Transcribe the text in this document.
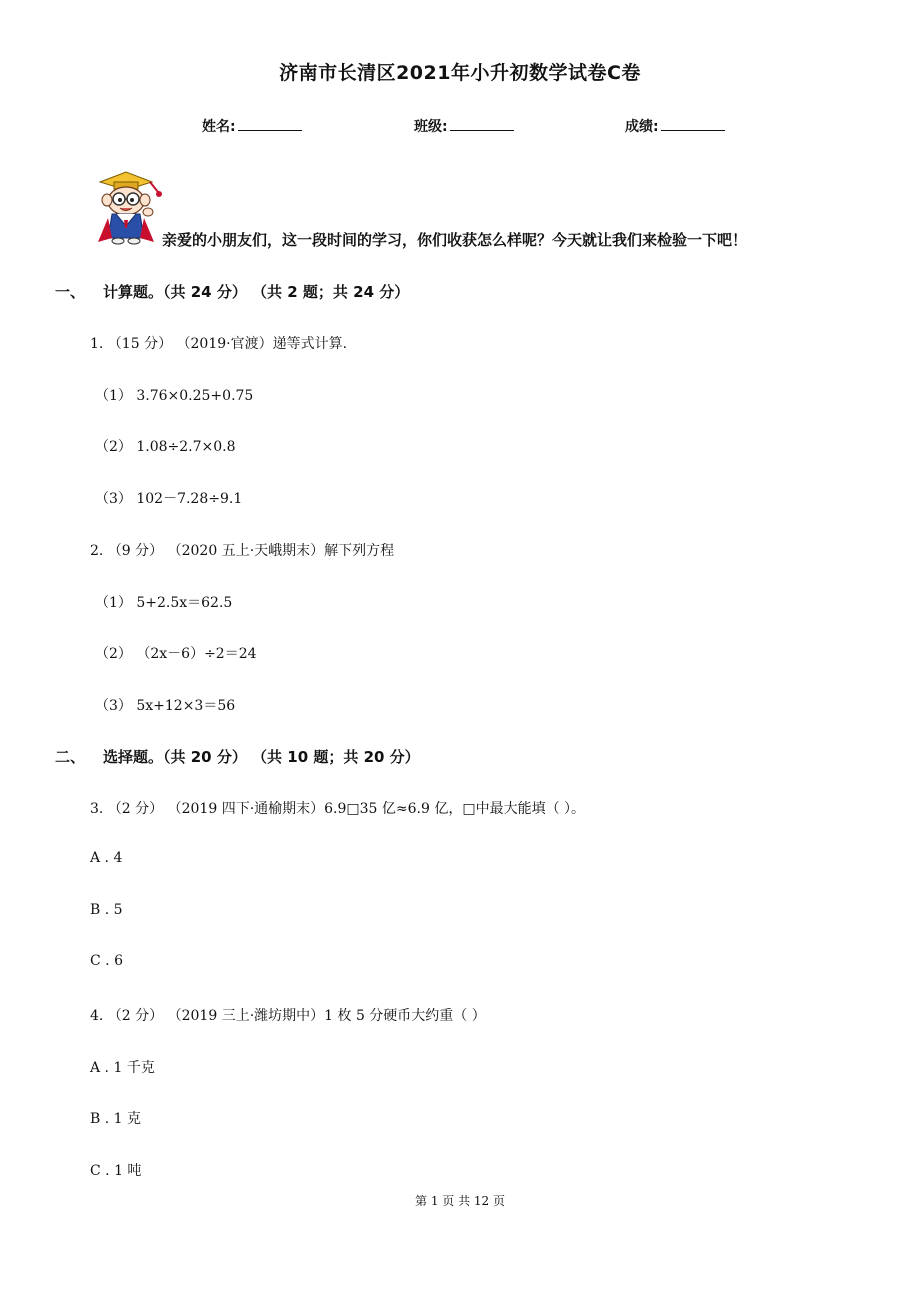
济南市长清区2021年小升初数学试卷C卷
姓名:	班级:	成绩:
亲爱的小朋友们，这一段时间的学习，你们收获怎么样呢？今天就让我们来检验一下吧！
一、 计算题。（共 24 分） （共 2 题；共 24 分）
1. （15 分） （2019·官渡）递等式计算.
（1） 3.76×0.25+0.75
（2） 1.08÷2.7×0.8
（3） 102－7.28÷9.1
2. （9 分） （2020 五上·天峨期末）解下列方程
（1） 5+2.5x＝62.5
（2） （2x－6）÷2＝24
（3） 5x+12×3＝56
二、 选择题。（共 20 分） （共 10 题；共 20 分）
3. （2 分） （2019 四下·通榆期末）6.9□35 亿≈6.9 亿，□中最大能填（ ）。
A . 4
B . 5
C . 6
4. （2 分） （2019 三上·潍坊期中）1 枚 5 分硬币大约重（ ）
A . 1 千克
B . 1 克
C . 1 吨
第 1 页 共 12 页
